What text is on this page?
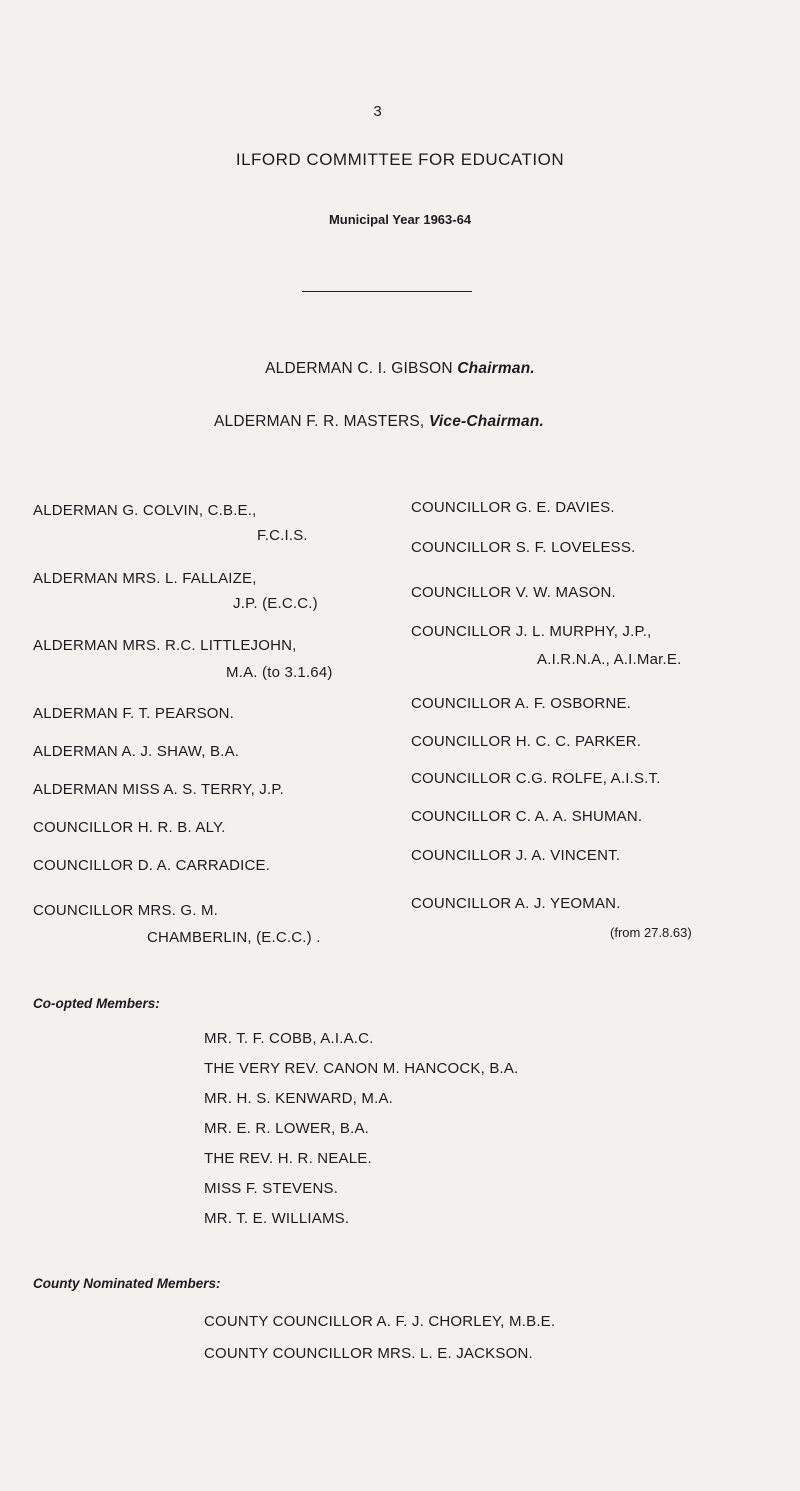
3
ILFORD COMMITTEE FOR EDUCATION
Municipal Year 1963-64
ALDERMAN C. I. GIBSON Chairman.
ALDERMAN F. R. MASTERS, Vice-Chairman.
ALDERMAN G. COLVIN, C.B.E.,
F.C.I.S.
ALDERMAN MRS. L. FALLAIZE,
J.P. (E.C.C.)
ALDERMAN MRS. R.C. LITTLEJOHN,
M.A. (to 3.1.64)
ALDERMAN F. T. PEARSON.
ALDERMAN A. J. SHAW, B.A.
ALDERMAN MISS A. S. TERRY, J.P.
COUNCILLOR H. R. B. ALY.
COUNCILLOR D. A. CARRADICE.
COUNCILLOR MRS. G. M.
CHAMBERLIN, (E.C.C.) .
COUNCILLOR G. E. DAVIES.
COUNCILLOR S. F. LOVELESS.
COUNCILLOR V. W. MASON.
COUNCILLOR J. L. MURPHY, J.P.,
A.I.R.N.A., A.I.Mar.E.
COUNCILLOR A. F. OSBORNE.
COUNCILLOR H. C. C. PARKER.
COUNCILLOR C.G. ROLFE, A.I.S.T.
COUNCILLOR C. A. A. SHUMAN.
COUNCILLOR J. A. VINCENT.
COUNCILLOR A. J. YEOMAN.
(from 27.8.63)
Co-opted Members:
MR. T. F. COBB, A.I.A.C.
THE VERY REV. CANON M. HANCOCK, B.A.
MR. H. S. KENWARD, M.A.
MR. E. R. LOWER, B.A.
THE REV. H. R. NEALE.
MISS F. STEVENS.
MR. T. E. WILLIAMS.
County Nominated Members:
COUNTY COUNCILLOR A. F. J. CHORLEY, M.B.E.
COUNTY COUNCILLOR MRS. L. E. JACKSON.
